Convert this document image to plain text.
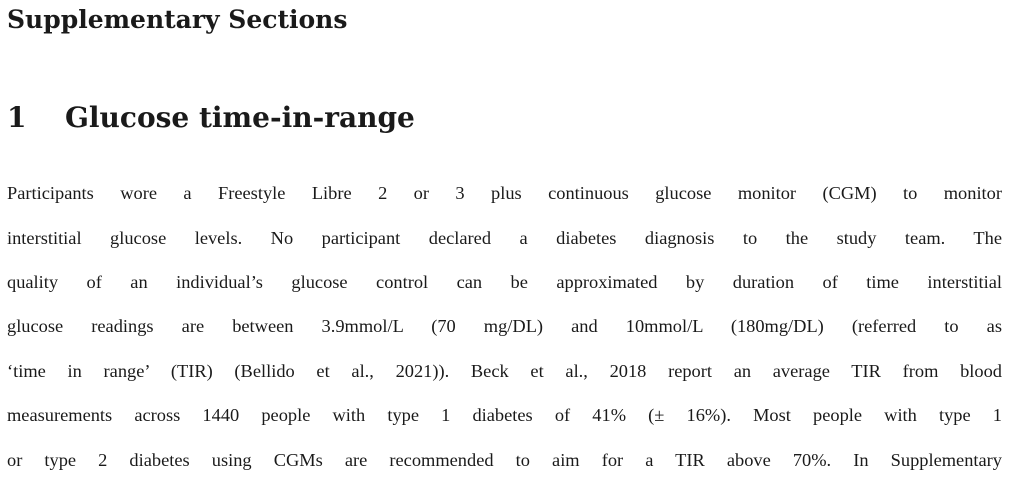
Supplementary Sections
1 Glucose time-in-range

Participants wore a Freestyle Libre 2 or 3 plus continuous glucose monitor (CGM) to monitor

interstitial glucose levels. No participant declared a diabetes diagnosis to the study team. The

quality of an individual’s glucose control can be approximated by duration of time interstitial

glucose readings are between 3.9mmol/L (70 mg/DL) and 10mmol/L (180mg/DL) (referred to as

‘time in range’ (TIR) (Bellido et al., 2021)). Beck et al., 2018 report an average TIR from blood

measurements across 1440 people with type 1 diabetes of 41% (± 16%). Most people with type 1

or type 2 diabetes using CGMs are recommended to aim for a TIR above 70%. In Supplementary
